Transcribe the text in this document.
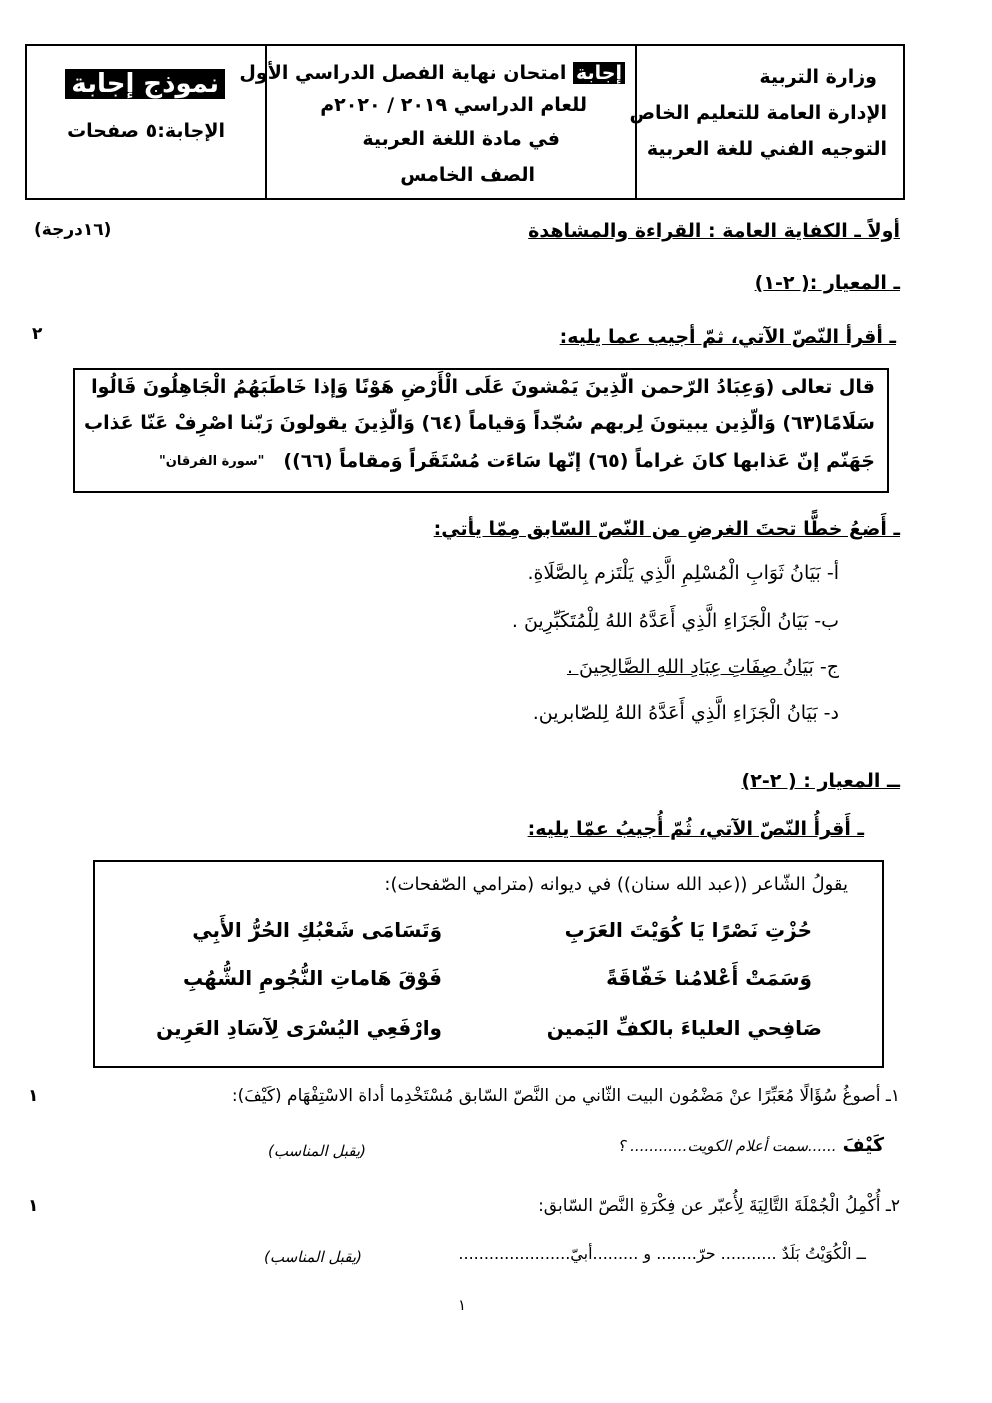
وزارة التربية
الإدارة العامة للتعليم الخاص
التوجيه الفني للغة العربية
إجابة امتحان نهاية الفصل الدراسي الأول
للعام الدراسي ٢٠١٩ / ٢٠٢٠م
في مادة اللغة العربية
الصف الخامس
نموذج إجابة
الإجابة:٥ صفحات
أولاً ـ الكفاية العامة : القراءة والمشاهدة
(١٦درجة)
ـ المعيار :( ٢-١)
ـ أقرأ النّصّ الآتي، ثمّ أجيب عما يليه:
٢
قال تعالى (وَعِبَادُ الرّحمن الّذِينَ يَمْشونَ عَلَى الْأَرْضِ هَوْنًا وَإذا خَاطَبَهُمُ الْجَاهِلُونَ قَالُوا
سَلَامًا(٦٣) وَالّذِين يبيتونَ لِربهم سُجّداً وَقياماً (٦٤) وَالّذِينَ يقولونَ رَبّنا اصْرِفْ عَنّا عَذاب
جَهَنّم إنّ عَذابها كانَ غراماً (٦٥) إنّها سَاءَت مُسْتَقَراً وَمقاماً (٦٦))
"سورة الفرقان"
ـ أَضعُ خطًّا تحتَ الغرضِ من النّصّ السّابق مِمّا يأتي:
أ- بَيَانُ ثَوَابِ الْمُسْلِمِ الَّذِي يَلْتَزم بِالصَّلَاةِ.
ب- بَيَانُ الْجَزَاءِ الَّذِي أَعَدَّهُ اللهُ لِلْمُتَكَبِّرِينَ .
ج- بَيَانُ صِفَاتِ عِبَادِ اللهِ الصَّالِحِينَ .
د- بَيَانُ الْجَزَاءِ الَّذِي أَعَدَّهُ اللهُ لِلصّابرين.
ــ المعيار : ( ٢-٢)
ـ أَقرأُ النّصّ الآتي، ثُمّ أُجيبُ عمّا يليه:
يقولُ الشّاعر ((عبد الله سنان)) في ديوانه (مترامي الصّفحات):
حُزْتِ نَصْرًا يَا كُوَيْتَ العَرَبِ
وَتَسَامَى شَعْبُكِ الحُرُّ الأَبِي
وَسَمَتْ أَعْلامُنا خَفّاقَةً
فَوْقَ هَاماتِ النُّجُومِ الشُّهُبِ
صَافِحي العلياءَ بالكفِّ اليَمين
وارْفَعِي اليُسْرَى لِآسَادِ العَرِين
١ـ أصوغُ سُؤَالًا مُعَبِّرًا عنْ مَضْمُون البيت الثّاني من النَّصّ السّابق مُسْتَخْدِما أداة الاسْتِفْهَام (كَيْفَ):
١
كَيْفَ ......سمت أعلام الكويت............ ؟
(يقبل المناسب)
٢ـ أُكْمِلُ الْجُمْلَةَ التَّالِيَةَ لِأُعبّر عن فِكْرَةِ النَّصّ السّابق:
١
ــ الْكُوَيْتُ بَلَدٌ ........... حرّ........ و .........أبيّ......................
(يقبل المناسب)
١
